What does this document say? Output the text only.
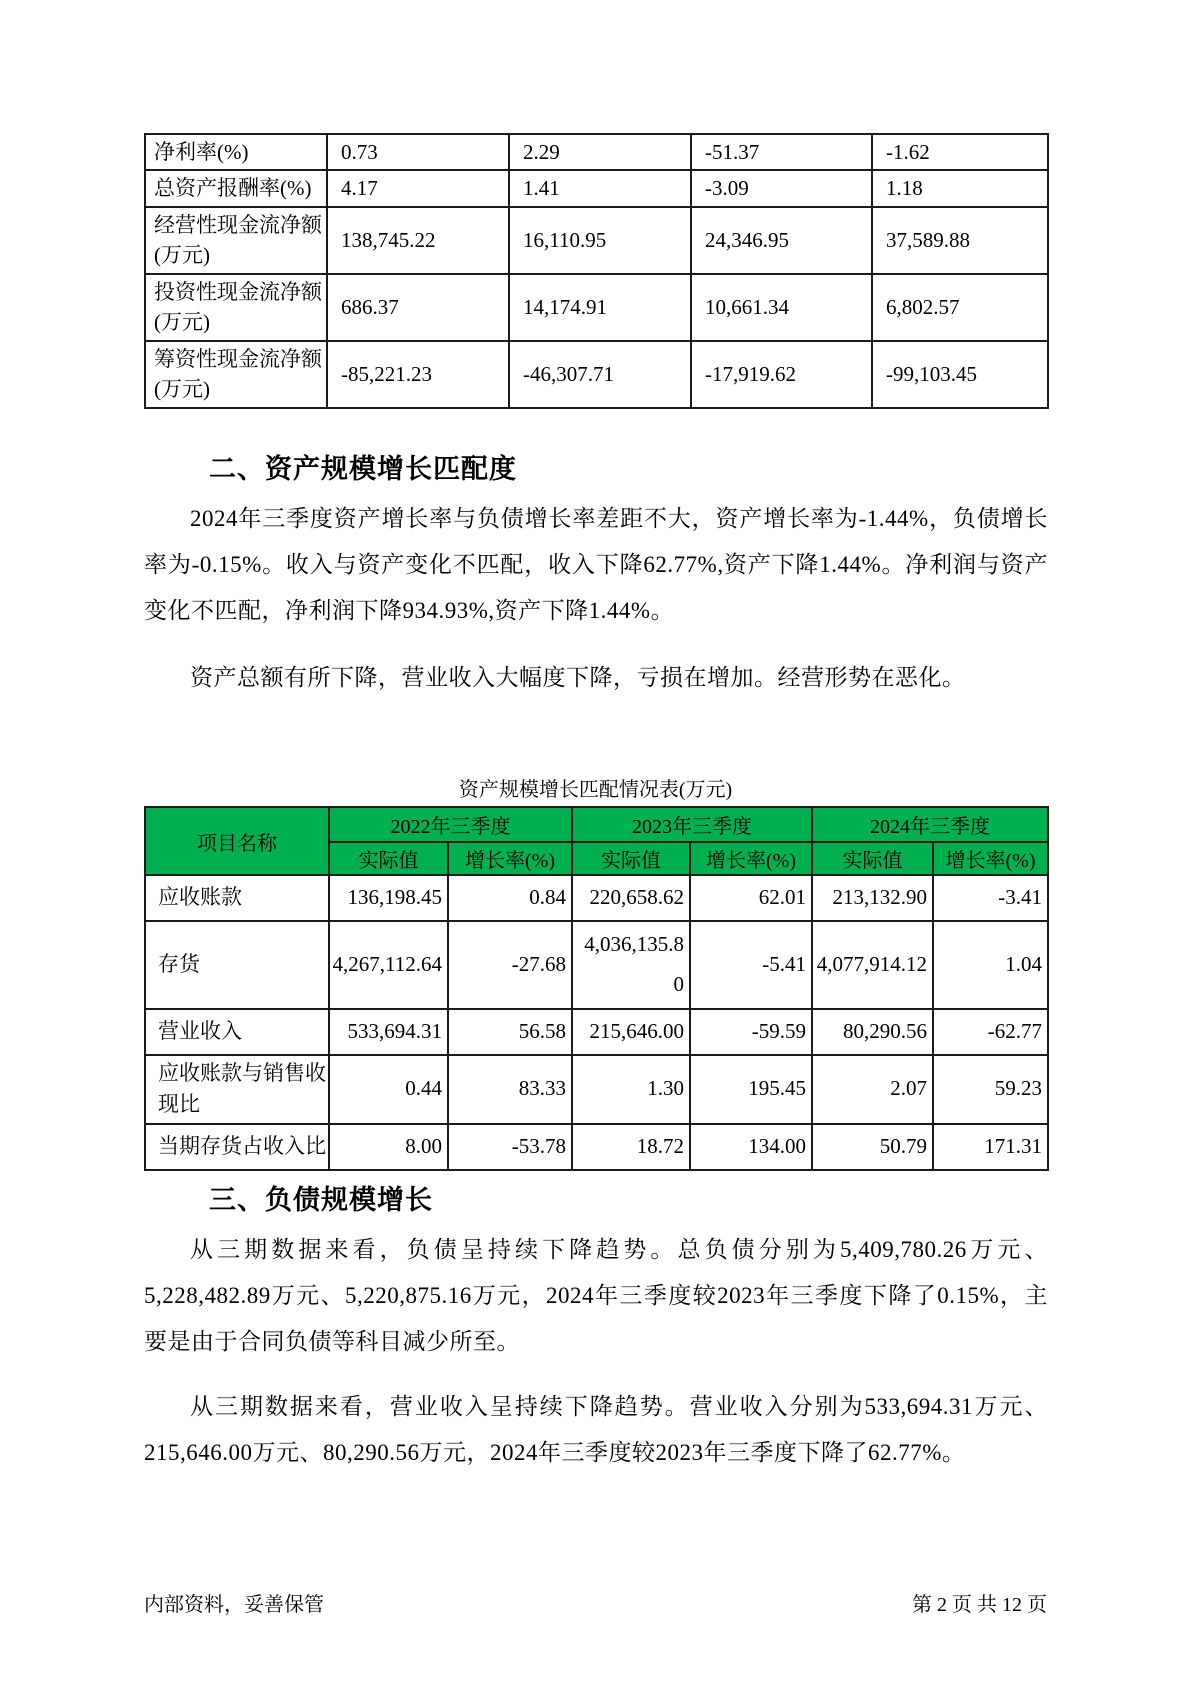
净利率(%)	0.73	2.29	-51.37	-1.62
总资产报酬率(%)	4.17	1.41	-3.09	1.18
经营性现金流净额(万元)	138,745.22	16,110.95	24,346.95	37,589.88
投资性现金流净额(万元)	686.37	14,174.91	10,661.34	6,802.57
筹资性现金流净额(万元)	-85,221.23	-46,307.71	-17,919.62	-99,103.45
二、资产规模增长匹配度
2024年三季度资产增长率与负债增长率差距不大，资产增长率为-1.44%，负债增长率为-0.15%。收入与资产变化不匹配，收入下降62.77%,资产下降1.44%。净利润与资产变化不匹配，净利润下降934.93%,资产下降1.44%。
资产总额有所下降，营业收入大幅度下降，亏损在增加。经营形势在恶化。
资产规模增长匹配情况表(万元)
项目名称	2022年三季度		2023年三季度		2024年三季度	
	实际值	增长率(%)	实际值	增长率(%)	实际值	增长率(%)
应收账款	136,198.45	0.84	220,658.62	62.01	213,132.90	-3.41
存货	4,267,112.64	-27.68	4,036,135.80	-5.41	4,077,914.12	1.04
营业收入	533,694.31	56.58	215,646.00	-59.59	80,290.56	-62.77
应收账款与销售收现比	0.44	83.33	1.30	195.45	2.07	59.23
当期存货占收入比	8.00	-53.78	18.72	134.00	50.79	171.31
三、负债规模增长
从三期数据来看，负债呈持续下降趋势。总负债分别为5,409,780.26万元、5,228,482.89万元、5,220,875.16万元，2024年三季度较2023年三季度下降了0.15%，主要是由于合同负债等科目减少所至。
从三期数据来看，营业收入呈持续下降趋势。营业收入分别为533,694.31万元、215,646.00万元、80,290.56万元，2024年三季度较2023年三季度下降了62.77%。
内部资料，妥善保管	第 2 页 共 12 页
